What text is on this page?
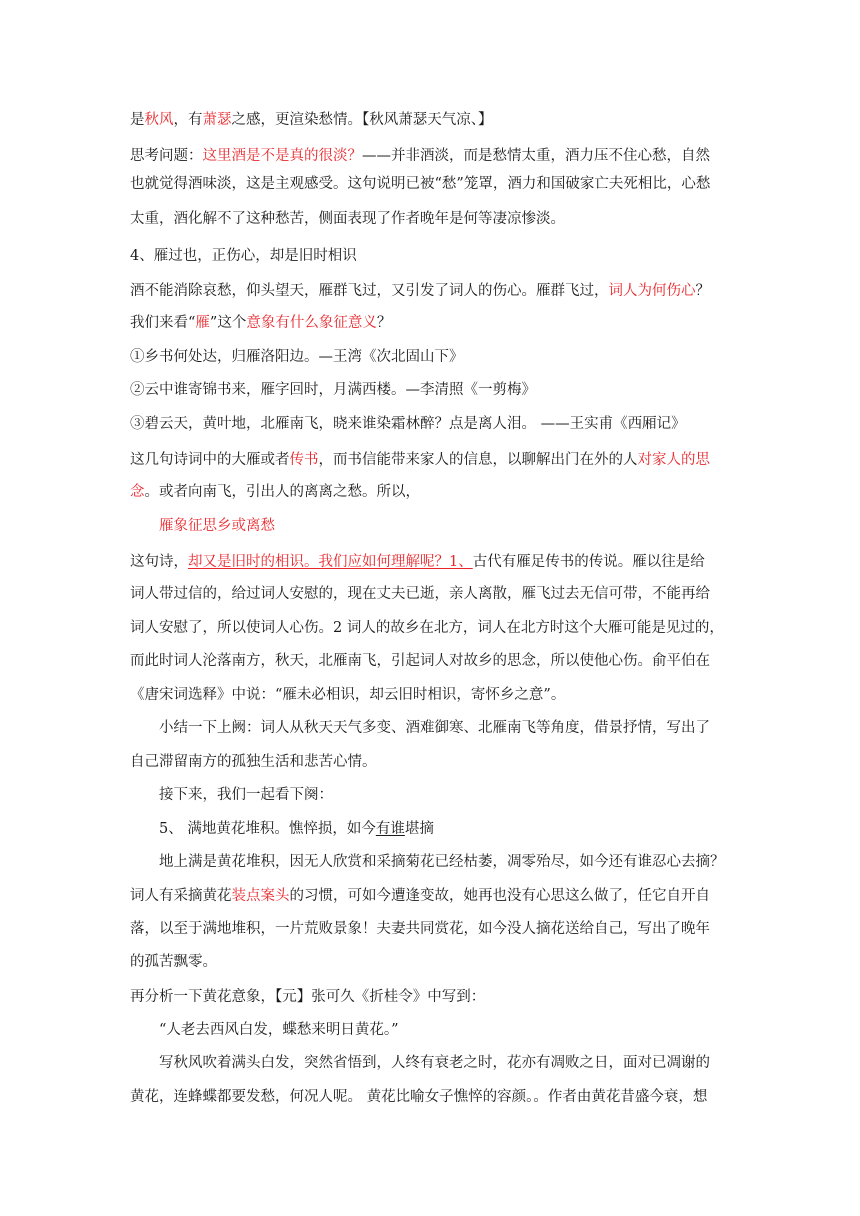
是秋风，有萧瑟之感，更渲染愁情。【秋风萧瑟天气凉、】
思考问题：这里酒是不是真的很淡？——并非酒淡，而是愁情太重，酒力压不住心愁，自然
也就觉得酒味淡，这是主观感受。这句说明已被“愁”笼罩，酒力和国破家亡夫死相比，心愁
太重，酒化解不了这种愁苦，侧面表现了作者晚年是何等凄凉惨淡。
4、雁过也，正伤心，却是旧时相识
酒不能消除哀愁，仰头望天，雁群飞过，又引发了词人的伤心。雁群飞过，词人为何伤心？
我们来看“雁”这个意象有什么象征意义？
①乡书何处达，归雁洛阳边。—王湾《次北固山下》
②云中谁寄锦书来，雁字回时，月满西楼。—李清照《一剪梅》
③碧云天，黄叶地，北雁南飞，晓来谁染霜林醉？点是离人泪。 ——王实甫《西厢记》
这几句诗词中的大雁或者传书，而书信能带来家人的信息，以聊解出门在外的人对家人的思
念。或者向南飞，引出人的离离之愁。所以，
雁象征思乡或离愁
这句诗，却又是旧时的相识。我们应如何理解呢？1、古代有雁足传书的传说。雁以往是给
词人带过信的，给过词人安慰的，现在丈夫已逝，亲人离散，雁飞过去无信可带，不能再给
词人安慰了，所以使词人心伤。2 词人的故乡在北方，词人在北方时这个大雁可能是见过的，
而此时词人沦落南方，秋天，北雁南飞，引起词人对故乡的思念，所以使他心伤。俞平伯在
《唐宋词选释》中说：“雁未必相识，却云旧时相识，寄怀乡之意”。
小结一下上阙：词人从秋天天气多变、酒难御寒、北雁南飞等角度，借景抒情，写出了
自己滞留南方的孤独生活和悲苦心情。
接下来，我们一起看下阕：
5、 满地黄花堆积。憔悴损，如今有谁堪摘
地上满是黄花堆积，因无人欣赏和采摘菊花已经枯萎，凋零殆尽，如今还有谁忍心去摘？
词人有采摘黄花装点案头的习惯，可如今遭逢变故，她再也没有心思这么做了，任它自开自
落，以至于满地堆积，一片荒败景象！夫妻共同赏花，如今没人摘花送给自己，写出了晚年
的孤苦飘零。
再分析一下黄花意象，【元】张可久《折桂令》中写到：
“人老去西风白发，蝶愁来明日黄花。”
写秋风吹着满头白发，突然省悟到，人终有衰老之时，花亦有凋败之日，面对已凋谢的
黄花，连蜂蝶都要发愁，何况人呢。 黄花比喻女子憔悴的容颜。。作者由黄花昔盛今衰，想
